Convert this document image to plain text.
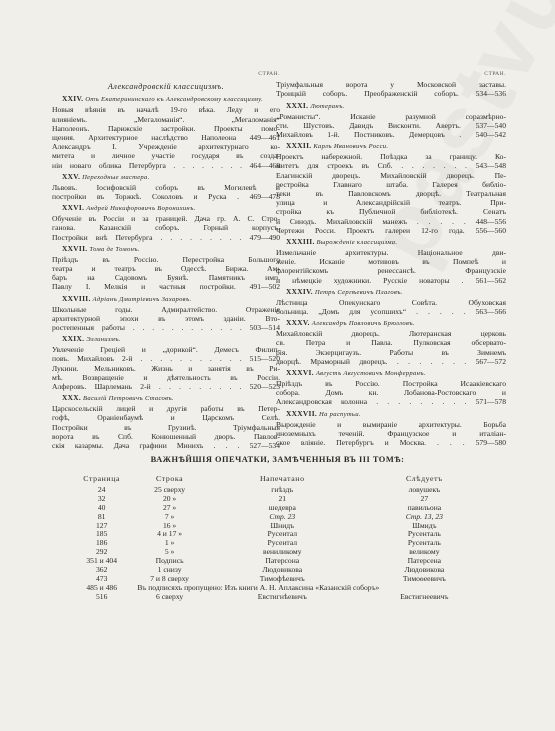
СТРАН.
Александровскій классицизмъ.
XXIV. Отъ Екатерининскаго къ Александровскому классицизму.
Новыя вѣянія въ началѣ 19-го вѣка. Леду и его
влияніемъ. „Мегаломанія“. „Мегаломанія“
Наполеонъ. Парижскіе застройки. Проекты помо-
щения. Архитектурное наслѣдство Наполеона 449—461
Александръ I. Учрежденіе архитектурнаго ко-
митета и личное участіе государя въ созда-
ніи новаго облика Петербурга . . . . . . . . 464—468
XXV. Переходные мастера.
Львовъ. Іосифовскій соборъ въ Могилевѣ и
постройки въ Торжкѣ. Соколовъ и Руска . 469—478
XXVI. Андрей Никифоровичъ Воронихинъ.
Обученіе въ Россіи и за границей. Дача гр. А. С. Стро-
ганова. Казанскій соборъ. Горный корпусъ.
Постройки внѣ Петербурга . . . . . . . . . 479—490
XXVII. Тома де Томонъ.
Пріѣздъ въ Россію. Перестройка Большого
театра и театръ въ Одессѣ. Биржа. Ам-
баръ на Садовомъ Буянѣ. Памятникъ имп.
Павлу I. Мелкія и частныя постройки. 491—502
XXVIII. Адріанъ Дмитріевичъ Захаровъ.
Школьные годы. Адмиралтейство. Отраженіе
архитектурной эпохи въ этомъ зданіи. Вто-
ростепенныя работы . . . . . . . . . . . . 503—514
XXIX. Эллинизмъ.
Увлеченіе Греціей и „дорикой“. Демесъ Филип-
повъ. Михайловъ 2-й . . . . . . . . . . . 515—520
Лукини. Мельниковъ. Жизнь и занятія въ Ри-
мѣ. Возвращеніе и дѣятельность въ Россіи.
Алферовъ. Шарлемань 2-й . . . . . . . . . 520—523
XXX. Василій Петровичъ Стасовъ.
Царскосельскій лицей и другія работы въ Петер-
гофѣ, Ораніенбаумѣ и Царскомъ Селѣ.
Постройки въ Грузинѣ. Тріумфальныя
ворота въ Спб. Конюшенный дворъ. Павлов-
скія казармы. Дача графини Минихъ . . . 527—534
СТРАН.
Тріумфальныя ворота у Московской заставы.
Троицкій соборъ. Преображенскій соборъ. 534—536
XXXI. Лютеранъ.
„Романисты“. Исканіе разумной соразмѣрно-
сти. Шустовъ. Давидъ Висконти. Авертъ. 537—540
Михайловъ 1-й. Постниковъ. Демерцовъ . 540—542
XXXII. Карлъ Ивановичъ Росси.
Проектъ набережной. Поѣздка за границу. Ко-
митетъ для строекъ въ Спб. . . . . . . . 543—548
Елагинскій дворецъ. Михайловскій дворецъ. Пе-
рестройка Главнаго штаба. Галерея библіо-
теки въ Павловскомъ дворцѣ. Театральная
улица и Александрійскій театръ. При-
стройка къ Публичной библіотекѣ. Сенатъ
и Синодъ. Михайловскій манежъ . . . . . 448—556
Чертежи Росси. Проектъ галереи 12-го года. 556—560
XXXIII. Вырожденіе классицизма.
Измельчаніе архитектуры. Національное дви-
женіе. Исканіе мотивовъ въ Помпеѣ и
флорентійскомъ ренессансѣ. Французскіе
и нѣмецкіе художники. Русскіе новаторы . 561—562
XXXIV. Петръ Сергѣевичъ Плаговъ.
Лѣстница Опекунскаго Совѣта. Обуховская
больница. „Домъ для усопшихъ“ . . . . . 563—566
XXXV. Александръ Павловичъ Брюлловъ.
Михайловскій дворецъ. Лютеранская церковь
св. Петра и Павла. Пулковская обсервато-
рія. Экзерцигаузъ. Работы въ Зимнемъ
дворцѣ. Мраморный дворецъ. . . . . . . . 567—572
XXXVI. Августъ Августовичъ Монферранъ.
Пріѣздъ въ Россію. Постройка Исаакіевскаго
собора. Домъ кн. Лобанова-Ростовскаго и
Александровская колонна . . . . . . . . . 571—578
XXXVII. На распутьи.
Вырожденіе и вымираніе архитектуры. Борьба
иноземныхъ теченій. Французское и италіан-
ское вліяніе. Петербургъ и Москва. . . . 579—580
ВАЖНѢЙШІЯ ОПЕЧАТКИ, ЗАМѢЧЕННЫЯ ВЪ III ТОМѢ:
Страница	Строка	Напечатано	Слѣдуетъ
24	25 сверху	гнѣздъ	ловушекъ
32	20 »	21	27
40	27 »	шедевра	павильона
81	7 »	Стр. 23	Стр. 13, 23
127	16 »	Шнидъ	Шмидъ
185	4 и 17 »	Русентал	Русенталь
186	1 »	Русентал	Русенталь
292	5 »	вениликому	великому
351 и 404	Подпись	Патерсона	Патерсена
362	1 снизу	Людовикова	Людовикова
473	7 и 8 сверху	Тимофѣевичъ	Тимоѳеевичъ
485 и 486	Въ подписяхъ пропущено: Изъ книги А. Н. Аплаксина «Казанскій соборъ»		
516	6 сверху	Евстигнѣевичъ	Евстигнеевичъ
